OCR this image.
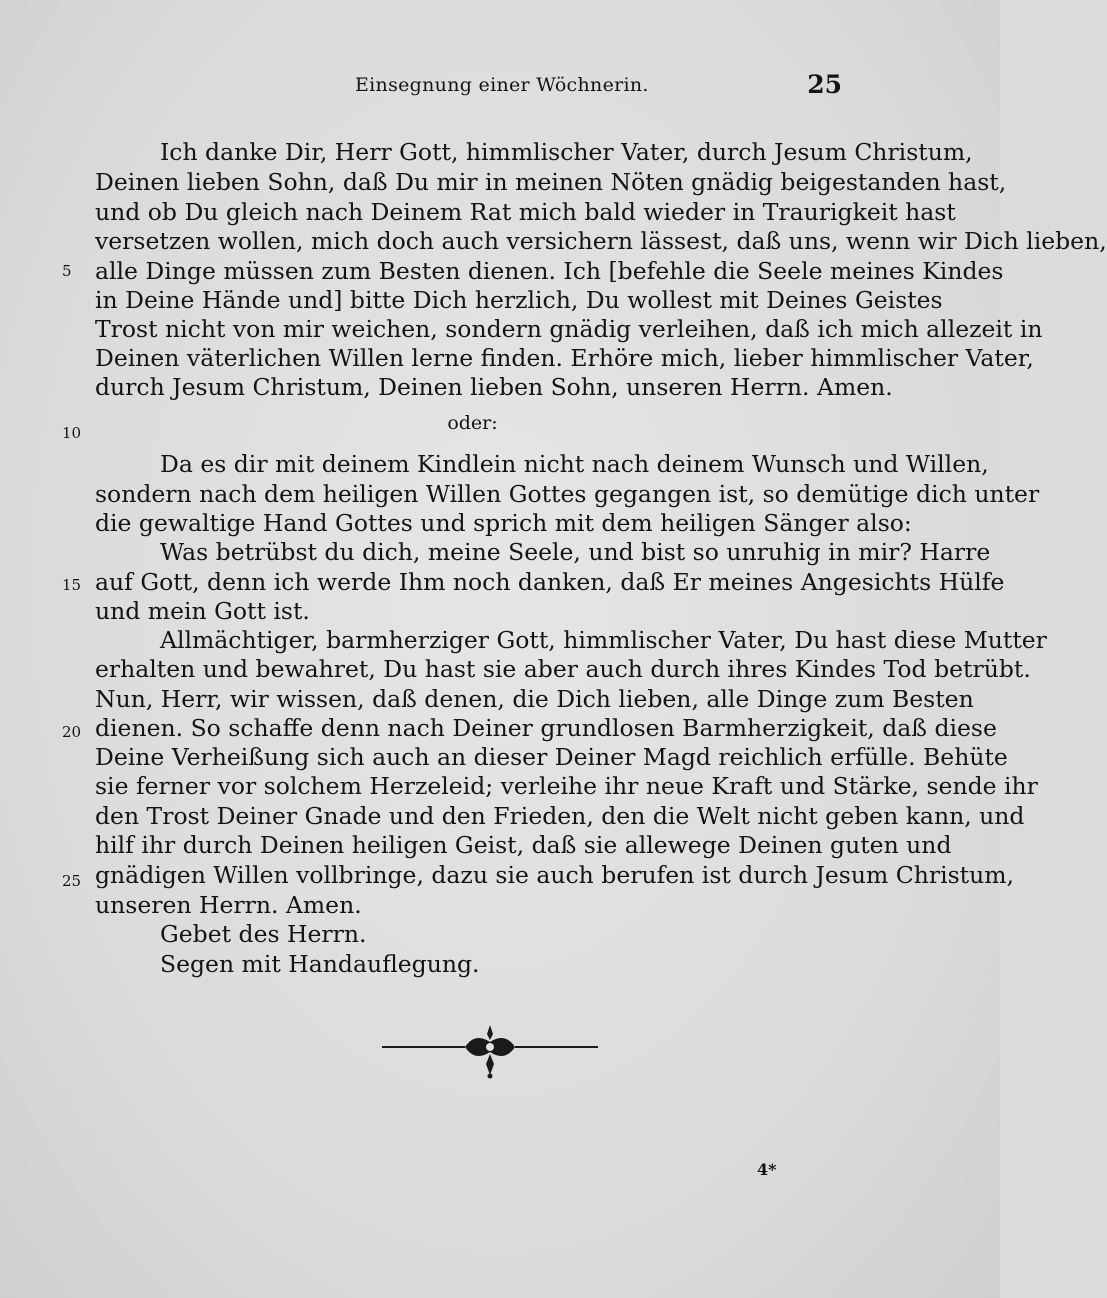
Einsegnung einer Wöchnerin.	25
Ich danke Dir, Herr Gott, himmlischer Vater, durch Jesum Christum,
Deinen lieben Sohn, daß Du mir in meinen Nöten gnädig beigestanden hast,
und ob Du gleich nach Deinem Rat mich bald wieder in Traurigkeit hast
versetzen wollen, mich doch auch versichern lässest, daß uns, wenn wir Dich lieben,
alle Dinge müssen zum Besten dienen. Ich [befehle die Seele meines Kindes
in Deine Hände und] bitte Dich herzlich, Du wollest mit Deines Geistes
Trost nicht von mir weichen, sondern gnädig verleihen, daß ich mich allezeit in
Deinen väterlichen Willen lerne finden. Erhöre mich, lieber himmlischer Vater,
durch Jesum Christum, Deinen lieben Sohn, unseren Herrn. Amen.
oder:
Da es dir mit deinem Kindlein nicht nach deinem Wunsch und Willen,
sondern nach dem heiligen Willen Gottes gegangen ist, so demütige dich unter
die gewaltige Hand Gottes und sprich mit dem heiligen Sänger also:
Was betrübst du dich, meine Seele, und bist so unruhig in mir? Harre
auf Gott, denn ich werde Ihm noch danken, daß Er meines Angesichts Hülfe
und mein Gott ist.
Allmächtiger, barmherziger Gott, himmlischer Vater, Du hast diese Mutter
erhalten und bewahret, Du hast sie aber auch durch ihres Kindes Tod betrübt.
Nun, Herr, wir wissen, daß denen, die Dich lieben, alle Dinge zum Besten
dienen. So schaffe denn nach Deiner grundlosen Barmherzigkeit, daß diese
Deine Verheißung sich auch an dieser Deiner Magd reichlich erfülle. Behüte
sie ferner vor solchem Herzeleid; verleihe ihr neue Kraft und Stärke, sende ihr
den Trost Deiner Gnade und den Frieden, den die Welt nicht geben kann, und
hilf ihr durch Deinen heiligen Geist, daß sie allewege Deinen guten und
gnädigen Willen vollbringe, dazu sie auch berufen ist durch Jesum Christum,
unseren Herrn. Amen.
Gebet des Herrn.
Segen mit Handauflegung.
5
10
15
20
25
4*
